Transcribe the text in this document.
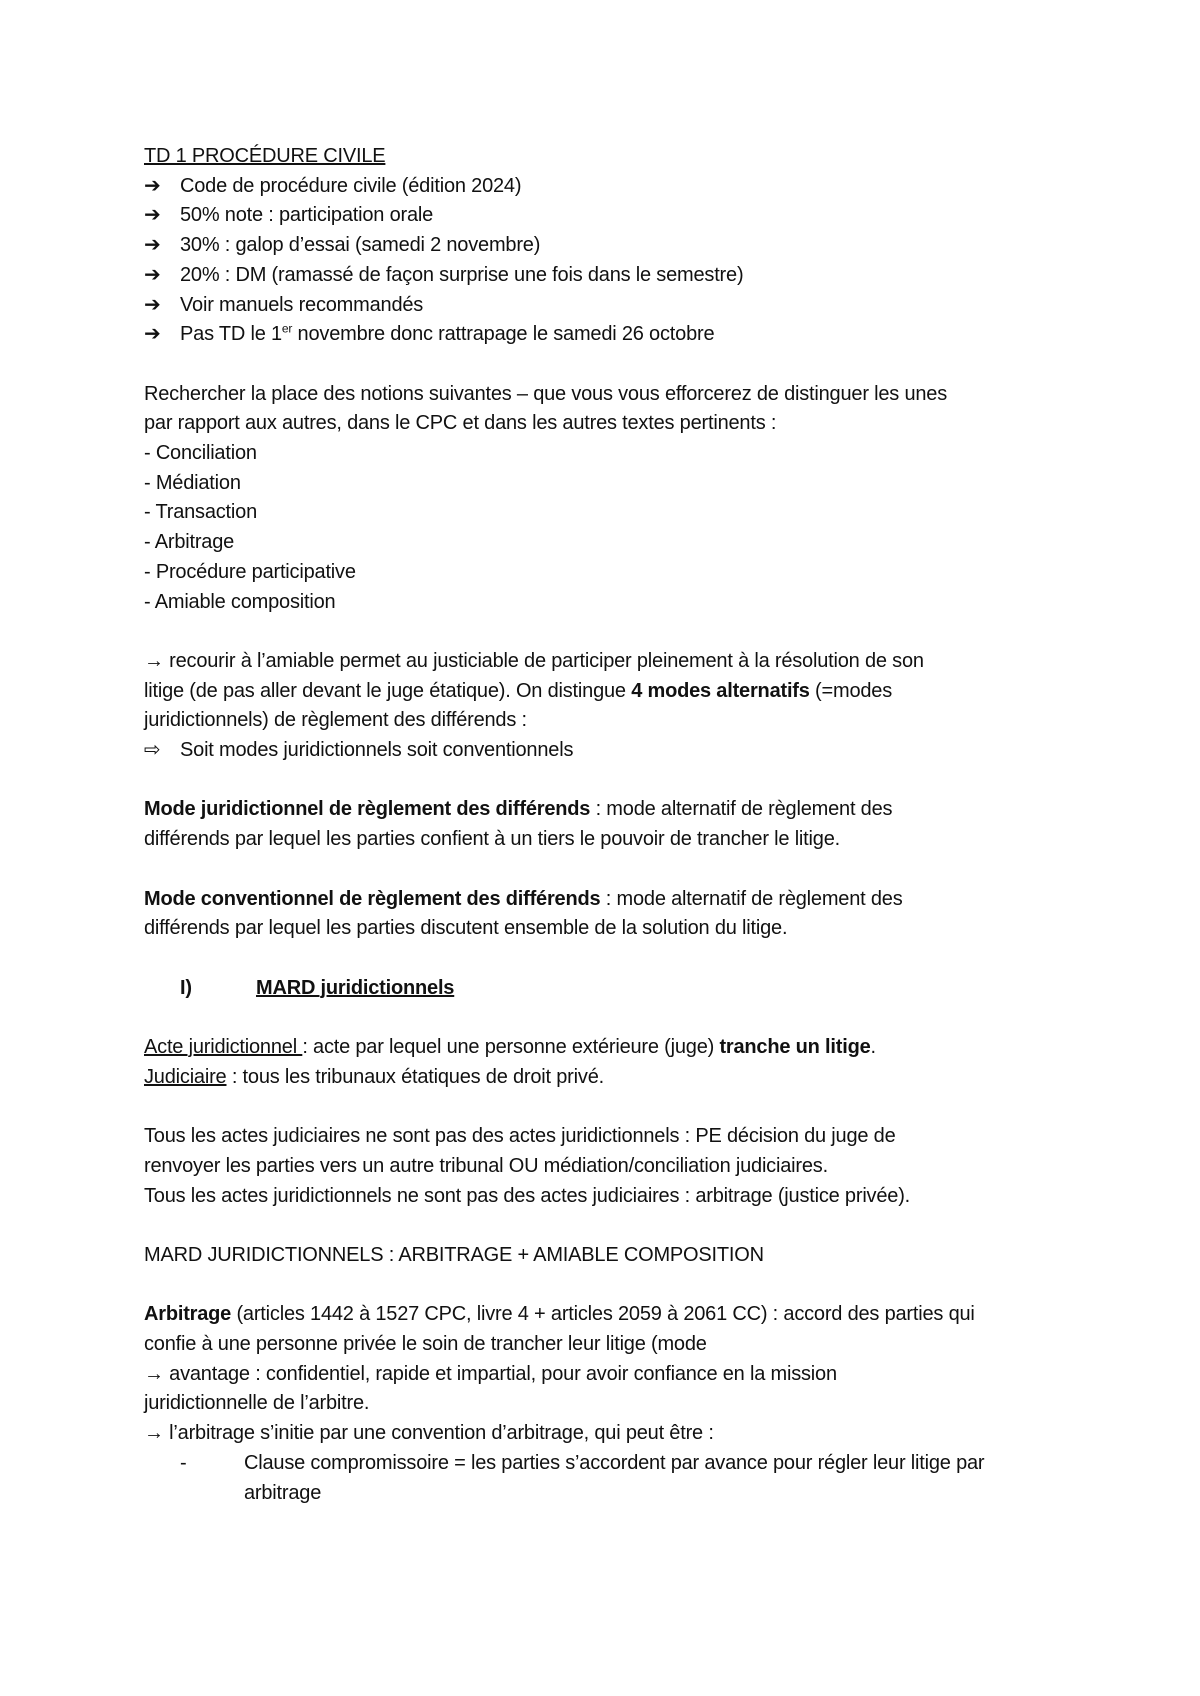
TD 1 PROCÉDURE CIVILE
➔ Code de procédure civile (édition 2024)
➔ 50% note : participation orale
➔ 30% : galop d’essai (samedi 2 novembre)
➔ 20% : DM (ramassé de façon surprise une fois dans le semestre)
➔ Voir manuels recommandés
➔ Pas TD le 1er novembre donc rattrapage le samedi 26 octobre
Rechercher la place des notions suivantes – que vous vous efforcerez de distinguer les unes
par rapport aux autres, dans le CPC et dans les autres textes pertinents :
- Conciliation
- Médiation
- Transaction
- Arbitrage
- Procédure participative
- Amiable composition
→ recourir à l’amiable permet au justiciable de participer pleinement à la résolution de son
litige (de pas aller devant le juge étatique). On distingue 4 modes alternatifs (=modes
juridictionnels) de règlement des différends :
⇨ Soit modes juridictionnels soit conventionnels
Mode juridictionnel de règlement des différends : mode alternatif de règlement des
différends par lequel les parties confient à un tiers le pouvoir de trancher le litige.
Mode conventionnel de règlement des différends : mode alternatif de règlement des
différends par lequel les parties discutent ensemble de la solution du litige.
I)	MARD juridictionnels
Acte juridictionnel : acte par lequel une personne extérieure (juge) tranche un litige.
Judiciaire : tous les tribunaux étatiques de droit privé.
Tous les actes judiciaires ne sont pas des actes juridictionnels : PE décision du juge de
renvoyer les parties vers un autre tribunal OU médiation/conciliation judiciaires.
Tous les actes juridictionnels ne sont pas des actes judiciaires : arbitrage (justice privée).
MARD JURIDICTIONNELS : ARBITRAGE + AMIABLE COMPOSITION
Arbitrage (articles 1442 à 1527 CPC, livre 4 + articles 2059 à 2061 CC) : accord des parties qui
confie à une personne privée le soin de trancher leur litige (mode
→ avantage : confidentiel, rapide et impartial, pour avoir confiance en la mission
juridictionnelle de l’arbitre.
→ l’arbitrage s’initie par une convention d’arbitrage, qui peut être :
-	Clause compromissoire = les parties s’accordent par avance pour régler leur litige par
arbitrage
